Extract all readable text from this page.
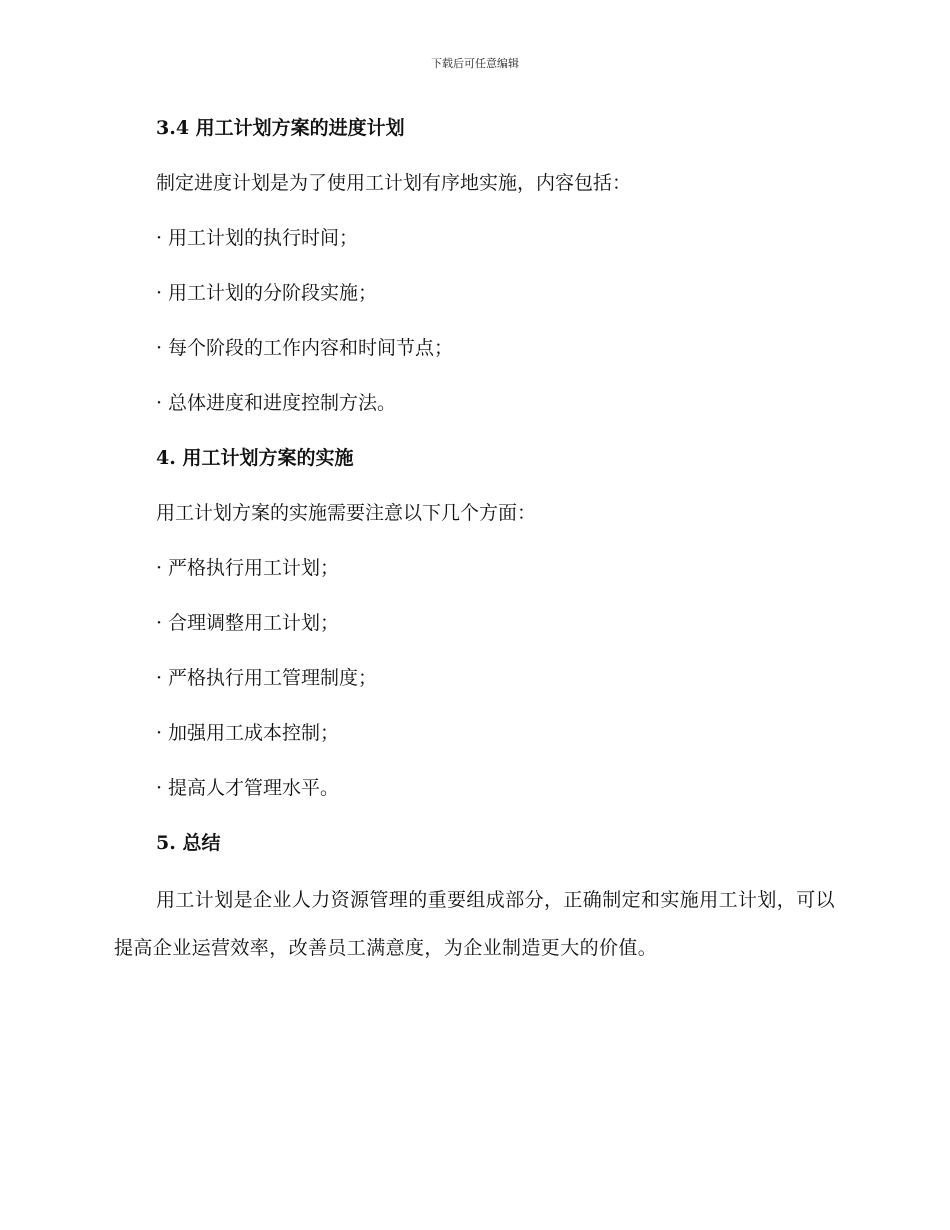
下载后可任意编辑
3.4 用工计划方案的进度计划
制定进度计划是为了使用工计划有序地实施，内容包括：
· 用工计划的执行时间；
· 用工计划的分阶段实施；
· 每个阶段的工作内容和时间节点；
· 总体进度和进度控制方法。
4. 用工计划方案的实施
用工计划方案的实施需要注意以下几个方面：
· 严格执行用工计划；
· 合理调整用工计划；
· 严格执行用工管理制度；
· 加强用工成本控制；
· 提高人才管理水平。
5. 总结

用工计划是企业人力资源管理的重要组成部分，正确制定和实施用工计划，可以提高企业运营效率，改善员工满意度，为企业制造更大的价值。
